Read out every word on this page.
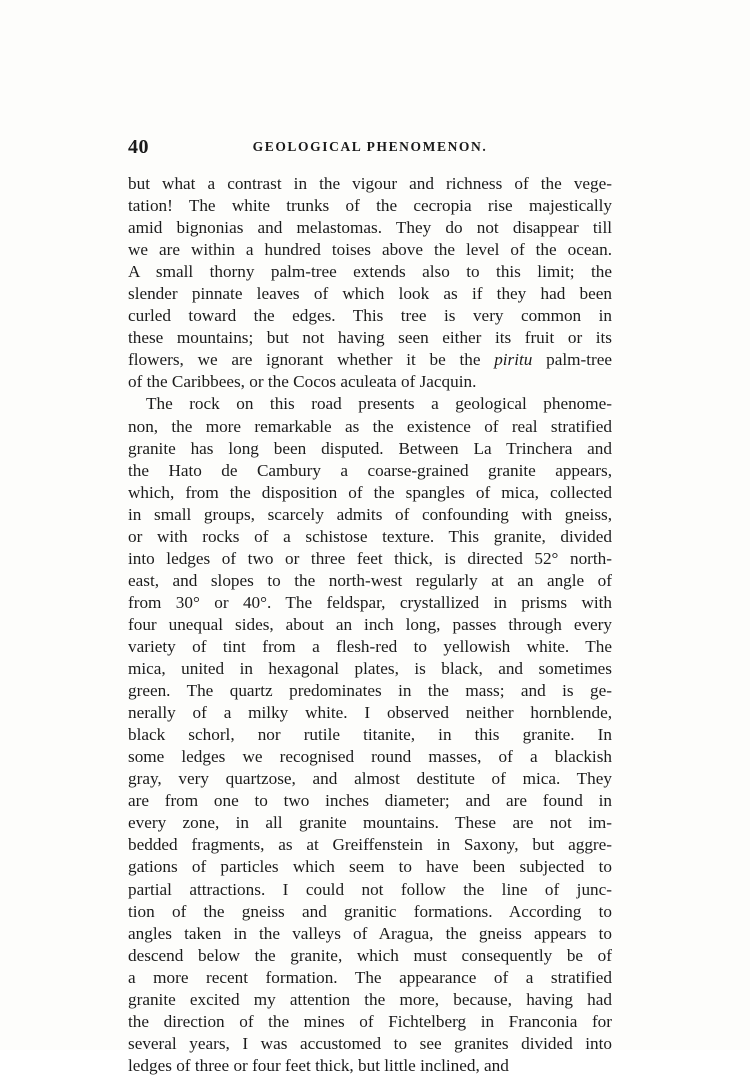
40	GEOLOGICAL PHENOMENON.
but what a contrast in the vigour and richness of the vege-
tation! The white trunks of the cecropia rise majestically
amid bignonias and melastomas. They do not disappear till
we are within a hundred toises above the level of the ocean.
A small thorny palm-tree extends also to this limit; the
slender pinnate leaves of which look as if they had been
curled toward the edges. This tree is very common in
these mountains; but not having seen either its fruit or its
flowers, we are ignorant whether it be the piritu palm-tree
of the Caribbees, or the Cocos aculeata of Jacquin.
The rock on this road presents a geological phenome-
non, the more remarkable as the existence of real stratified
granite has long been disputed. Between La Trinchera and
the Hato de Cambury a coarse-grained granite appears,
which, from the disposition of the spangles of mica, collected
in small groups, scarcely admits of confounding with gneiss,
or with rocks of a schistose texture. This granite, divided
into ledges of two or three feet thick, is directed 52° north-
east, and slopes to the north-west regularly at an angle of
from 30° or 40°. The feldspar, crystallized in prisms with
four unequal sides, about an inch long, passes through every
variety of tint from a flesh-red to yellowish white. The
mica, united in hexagonal plates, is black, and sometimes
green. The quartz predominates in the mass; and is ge-
nerally of a milky white. I observed neither hornblende,
black schorl, nor rutile titanite, in this granite. In
some ledges we recognised round masses, of a blackish
gray, very quartzose, and almost destitute of mica. They
are from one to two inches diameter; and are found in
every zone, in all granite mountains. These are not im-
bedded fragments, as at Greiffenstein in Saxony, but aggre-
gations of particles which seem to have been subjected to
partial attractions. I could not follow the line of junc-
tion of the gneiss and granitic formations. According to
angles taken in the valleys of Aragua, the gneiss appears to
descend below the granite, which must consequently be of
a more recent formation. The appearance of a stratified
granite excited my attention the more, because, having had
the direction of the mines of Fichtelberg in Franconia for
several years, I was accustomed to see granites divided into
ledges of three or four feet thick, but little inclined, and
